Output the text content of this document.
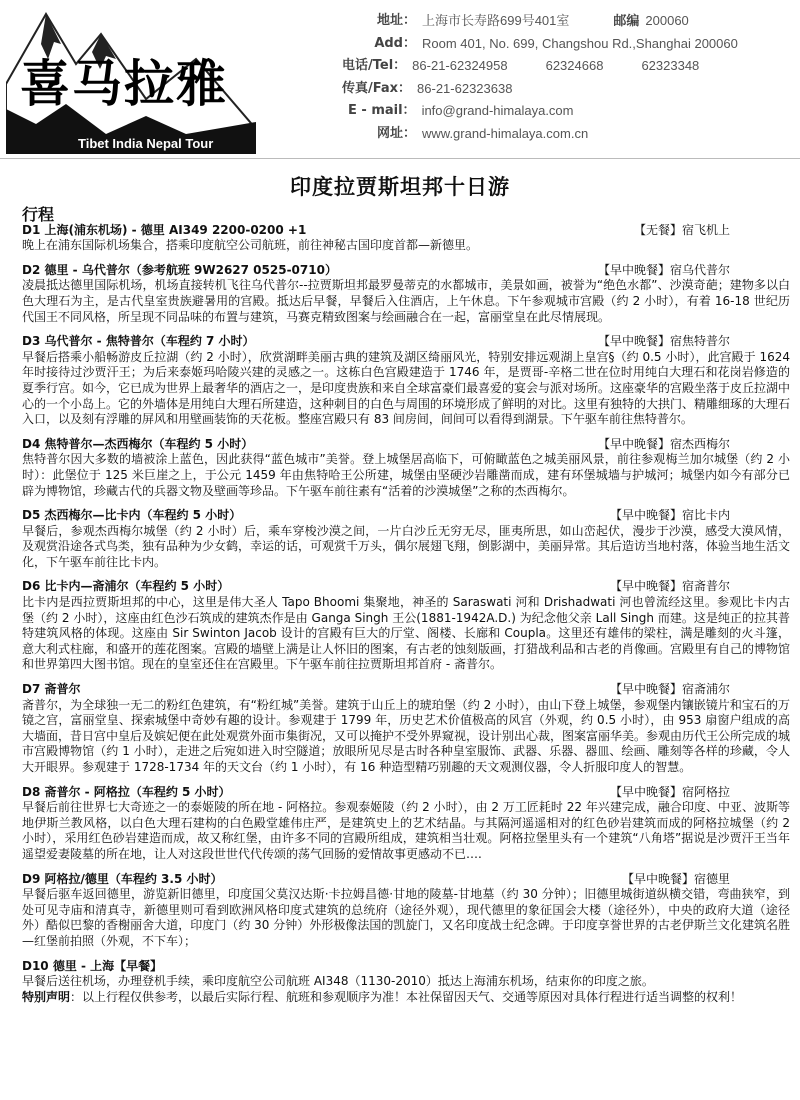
喜马拉雅
Tibet India Nepal Tour
地址： 上海市长寿路699号401室	邮编 200060
Add： Room 401, No. 699, Changshou Rd.,Shanghai 200060
电话/Tel： 86-21-62324958	62324668	62323348
传真/Fax： 86-21-62323638
E - mail： info@grand-himalaya.com
网址： www.grand-himalaya.com.cn
印度拉贾斯坦邦十日游
行程
D1 上海(浦东机场) - 德里 AI349 2200-0200 +1	【无餐】宿飞机上
晚上在浦东国际机场集合，搭乘印度航空公司航班，前往神秘古国印度首都—新德里。
D2 德里 - 乌代普尔（参考航班 9W2627 0525-0710）	【早中晚餐】宿乌代普尔
凌晨抵达德里国际机场，机场直接转机飞往乌代普尔--拉贾斯坦邦最罗曼蒂克的水都城市，美景如画，被誉为“绝色水都”、沙漠奇葩；建物多以白色大理石为主，是古代皇室贵族避暑用的宫殿。抵达后早餐，早餐后入住酒店，上午休息。下午参观城市宫殿（约 2 小时），有着 16-18 世纪历代国王不同风格，所呈现不同品味的布置与建筑，马赛克精致图案与绘画融合在一起，富丽堂皇在此尽情展现。
D3 乌代普尔 - 焦特普尔（车程约 7 小时）	【早中晚餐】宿焦特普尔
早餐后搭乘小船畅游皮丘拉湖（约 2 小时），欣赏湖畔美丽古典的建筑及湖区绮丽风光，特别安排远观湖上皇宫§（约 0.5 小时），此宫殿于 1624 年时接待过沙贾汗王；为后来泰姬玛哈陵兴建的灵感之一。这栋白色宫殿建造于 1746 年，是贾哥-辛格二世在位时用纯白大理石和花岗岩修造的夏季行宫。如今，它已成为世界上最奢华的酒店之一，是印度贵族和来自全球富豪们最喜爱的宴会与派对场所。这座豪华的宫殿坐落于皮丘拉湖中心的一个小岛上。它的外墙体是用纯白大理石所建造，这种刺目的白色与周围的环境形成了鲜明的对比。这里有独特的大拱门、精雕细琢的大理石入口，以及刻有浮雕的屏风和用壁画装饰的天花板。整座宫殿只有 83 间房间，间间可以看得到湖景。下午驱车前往焦特普尔。
D4 焦特普尔—杰西梅尔（车程约 5 小时）	【早中晚餐】宿杰西梅尔
焦特普尔因大多数的墙被涂上蓝色，因此获得“蓝色城市”美誉。登上城堡居高临下，可俯瞰蓝色之城美丽风景，前往参观梅兰加尔城堡（约 2 小时）：此堡位于 125 米巨崖之上，于公元 1459 年由焦特哈王公所建，城堡由坚硬沙岩雕凿而成，建有环堡城墙与护城河；城堡内如今有部分已辟为博物馆，珍藏古代的兵器文物及壁画等珍品。下午驱车前往素有“活着的沙漠城堡”之称的杰西梅尔。
D5 杰西梅尔—比卡内（车程约 5 小时）	【早中晚餐】宿比卡内
早餐后，参观杰西梅尔城堡（约 2 小时）后，乘车穿梭沙漠之间，一片白沙丘无穷无尽，匪夷所思，如山峦起伏，漫步于沙漠，感受大漠风情，及观赏沿途各式鸟类，独有品种为少女鹤，幸运的话，可观赏千万头，偶尔展翅飞翔，倒影湖中，美丽异常。其后造访当地村落，体验当地生活文化，下午驱车前往比卡内。
D6 比卡内—斋浦尔（车程约 5 小时）	【早中晚餐】宿斋普尔
比卡内是西拉贾斯坦邦的中心，这里是伟大圣人 Tapo Bhoomi 集聚地，神圣的 Saraswati 河和 Drishadwati 河也曾流经这里。参观比卡内古堡（约 2 小时），这座由红色沙石筑成的建筑杰作是由 Ganga Singh 王公(1881-1942A.D.) 为纪念他父亲 Lall Singh 而建。这是纯正的拉其普特建筑风格的体现。这座由 Sir Swinton Jacob 设计的宫殿有巨大的厅堂、阁楼、长廊和 Coupla。这里还有雄伟的梁柱，满是雕刻的火斗篷，意大利式柱廊，和盛开的莲花图案。宫殿的墙壁上满是让人怀旧的图案，有古老的蚀刻版画，打猎战利品和古老的肖像画。宫殿里有自己的博物馆和世界第四大图书馆。现在的皇室还住在宫殿里。下午驱车前往拉贾斯坦邦首府 - 斋普尔。
D7 斋普尔	【早中晚餐】宿斋浦尔
斋普尔，为全球独一无二的粉红色建筑，有“粉红城”美誉。建筑于山丘上的琥珀堡（约 2 小时），由山下登上城堡，参观堡内镶嵌镜片和宝石的万镜之宫，富丽堂皇、探索城堡中奇妙有趣的设计。参观建于 1799 年，历史艺术价值极高的风宫（外观，约 0.5 小时），由 953 扇窗户组成的高大墙面，昔日宫中皇后及嫔妃便在此处观赏外面市集街况，又可以掩护不受外界窥视，设计别出心裁，图案富丽华美。参观由历代王公所完成的城市宫殿博物馆（约 1 小时），走进之后宛如进入时空隧道；放眼所见尽是古时各种皇室服饰、武器、乐器、器皿、绘画、雕刻等各样的珍藏，令人大开眼界。参观建于 1728-1734 年的天文台（约 1 小时），有 16 种造型精巧别趣的天文观测仪器，令人折服印度人的智慧。
D8 斋普尔 - 阿格拉（车程约 5 小时）	【早中晚餐】宿阿格拉
早餐后前往世界七大奇迹之一的泰姬陵的所在地 - 阿格拉。参观泰姬陵（约 2 小时），由 2 万工匠耗时 22 年兴建完成，融合印度、中亚、波斯等地伊斯兰教风格，以白色大理石建构的白色殿堂雄伟庄严，是建筑史上的艺术结晶。与其隔河遥遥相对的红色砂岩建筑而成的阿格拉城堡（约 2 小时），采用红色砂岩建造而成，故又称红堡，由许多不同的宫殿所组成，建筑相当壮观。阿格拉堡里头有一个建筑“八角塔”据说是沙贾汗王当年遥望爱妻陵墓的所在地，让人对这段世世代代传颂的荡气回肠的爱情故事更感动不已….
D9 阿格拉/德里（车程约 3.5 小时）	【早中晚餐】宿德里
早餐后驱车返回德里，游览新旧德里，印度国父莫汉达斯·卡拉姆昌德·甘地的陵墓-甘地墓（约 30 分钟）；旧德里城街道纵横交错，弯曲狭窄，到处可见寺庙和清真寺，新德里则可看到欧洲风格印度式建筑的总统府（途径外观），现代德里的象征国会大楼（途径外），中央的政府大道（途径外）酷似巴黎的香榭丽舍大道，印度门（约 30 分钟）外形极像法国的凯旋门，又名印度战士纪念碑。于印度享誉世界的古老伊斯兰文化建筑名胜—红堡前拍照（外观，不下车）；
D10 德里 - 上海【早餐】
早餐后送往机场，办理登机手续，乘印度航空公司航班 AI348（1130-2010）抵达上海浦东机场，结束你的印度之旅。
特别声明：以上行程仅供参考，以最后实际行程、航班和参观顺序为准！本社保留因天气、交通等原因对具体行程进行适当调整的权利！
